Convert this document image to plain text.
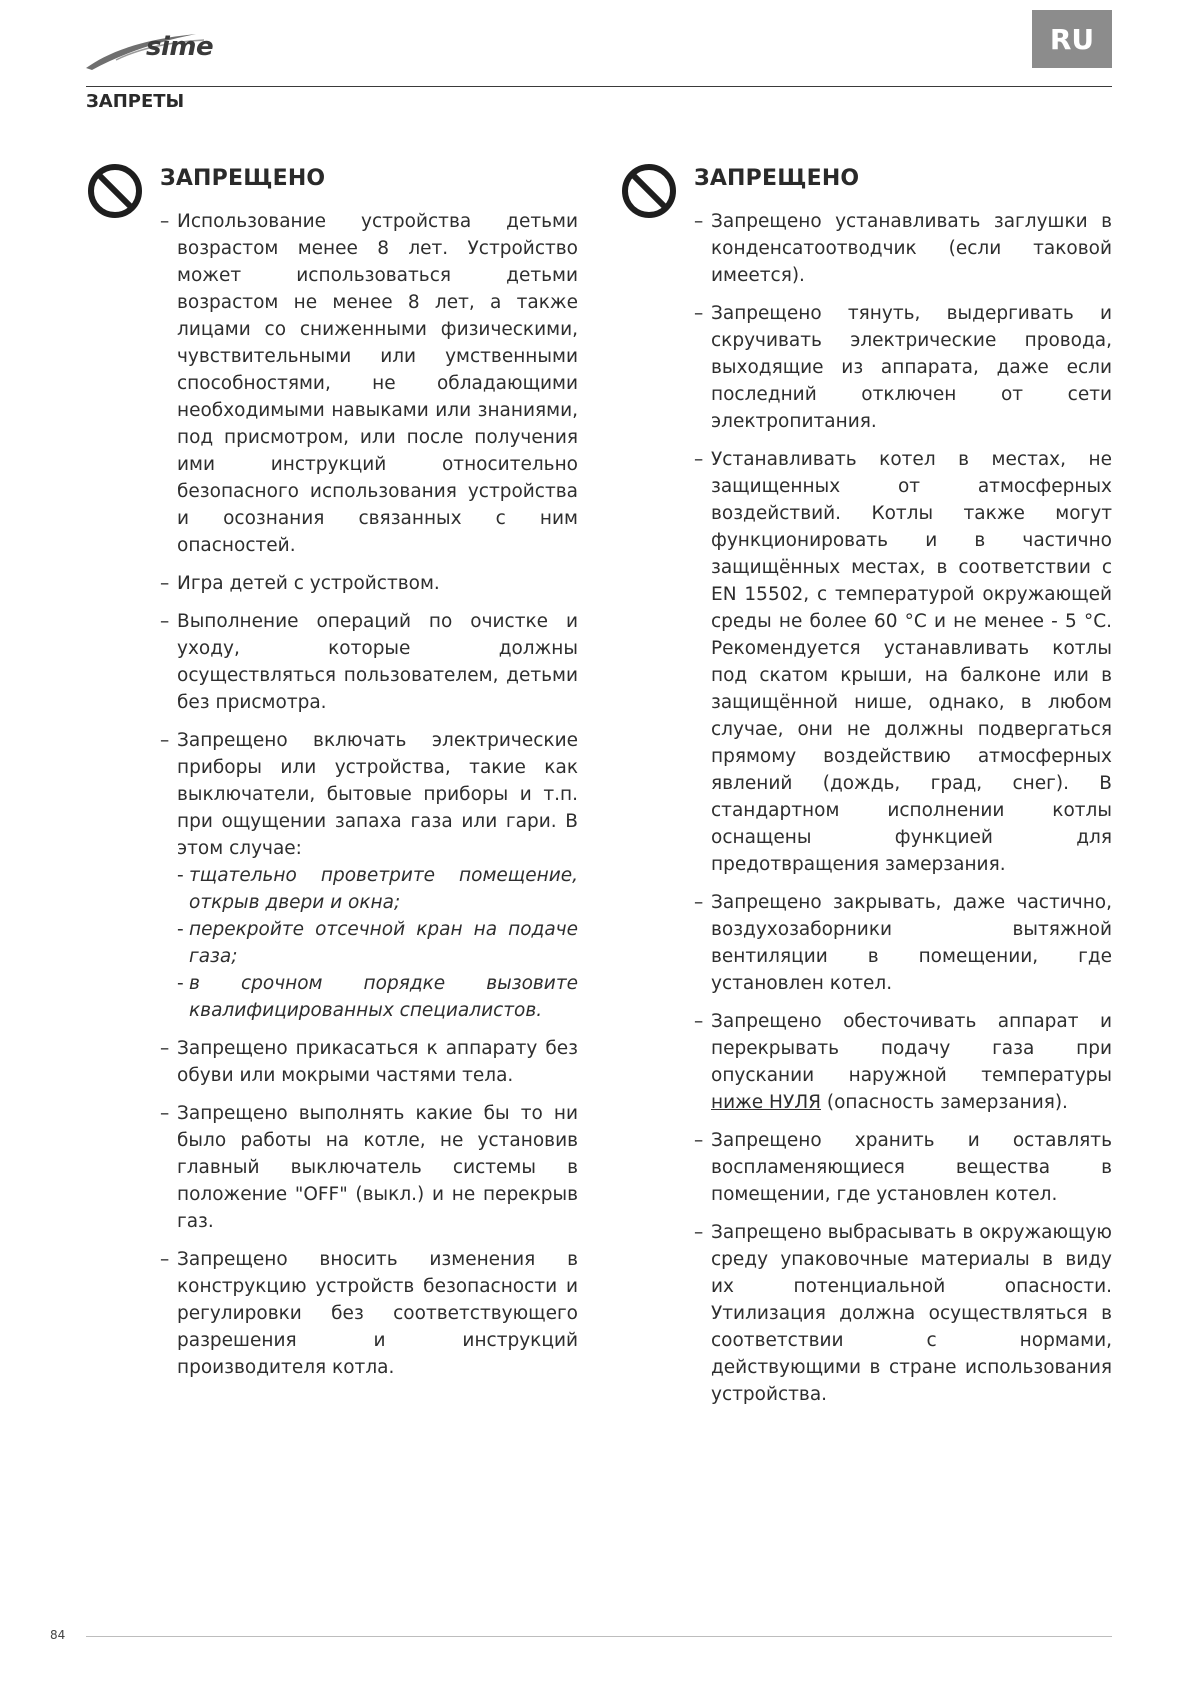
sime	RU
ЗАПРЕТЫ
ЗАПРЕЩЕНО
– Использование устройства детьми возрастом менее 8 лет. Устройство может использоваться детьми возрастом не менее 8 лет, а также лицами со сниженными физическими, чувствительными или умственными способностями, не обладающими необходимыми навыками или знаниями, под присмотром, или после получения ими инструкций относительно безопасного использования устройства и осознания связанных с ним опасностей.
– Игра детей с устройством.
– Выполнение операций по очистке и уходу, которые должны осуществляться пользователем, детьми без присмотра.
– Запрещено включать электрические приборы или устройства, такие как выключатели, бытовые приборы и т.п. при ощущении запаха газа или гари. В этом случае:
- тщательно проветрите помещение, открыв двери и окна;
- перекройте отсечной кран на подаче газа;
- в срочном порядке вызовите квалифицированных специалистов.
– Запрещено прикасаться к аппарату без обуви или мокрыми частями тела.
– Запрещено выполнять какие бы то ни было работы на котле, не установив главный выключатель системы в положение "OFF" (выкл.) и не перекрыв газ.
– Запрещено вносить изменения в конструкцию устройств безопасности и регулировки без соответствующего разрешения и инструкций производителя котла.
ЗАПРЕЩЕНО
– Запрещено устанавливать заглушки в конденсатоотводчик (если таковой имеется).
– Запрещено тянуть, выдергивать и скручивать электрические провода, выходящие из аппарата, даже если последний отключен от сети электропитания.
– Устанавливать котел в местах, не защищенных от атмосферных воздействий. Котлы также могут функционировать и в частично защищённых местах, в соответствии с EN 15502, с температурой окружающей среды не более 60 °C и не менее - 5 °C. Рекомендуется устанавливать котлы под скатом крыши, на балконе или в защищённой нише, однако, в любом случае, они не должны подвергаться прямому воздействию атмосферных явлений (дождь, град, снег). В стандартном исполнении котлы оснащены функцией для предотвращения замерзания.
– Запрещено закрывать, даже частично, воздухозаборники вытяжной вентиляции в помещении, где установлен котел.
– Запрещено обесточивать аппарат и перекрывать подачу газа при опускании наружной температуры ниже НУЛЯ (опасность замерзания).
– Запрещено хранить и оставлять воспламеняющиеся вещества в помещении, где установлен котел.
– Запрещено выбрасывать в окружающую среду упаковочные материалы в виду их потенциальной опасности. Утилизация должна осуществляться в соответствии с нормами, действующими в стране использования устройства.
84
